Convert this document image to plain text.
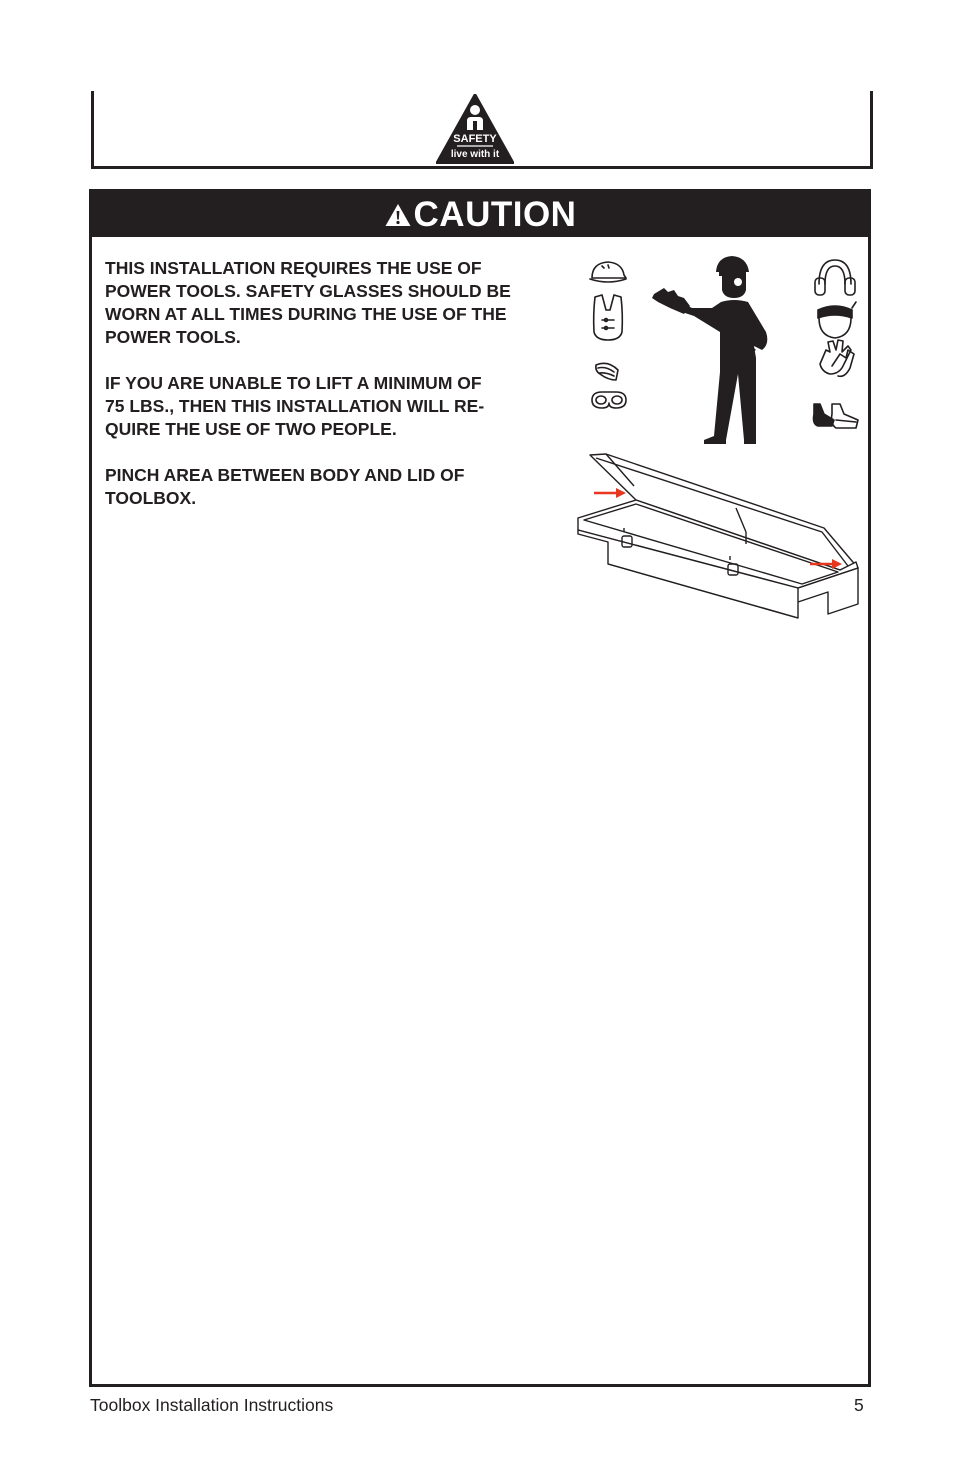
SAFETY
live with it
CAUTION

THIS INSTALLATION REQUIRES THE USE OF
POWER TOOLS. SAFETY GLASSES SHOULD BE
WORN AT ALL TIMES DURING THE USE OF THE
POWER TOOLS.

IF YOU ARE UNABLE TO LIFT A MINIMUM OF
75 LBS., THEN THIS INSTALLATION WILL RE-
QUIRE THE USE OF TWO PEOPLE.

PINCH AREA BETWEEN BODY AND LID OF
TOOLBOX.

Toolbox Installation Instructions	5
